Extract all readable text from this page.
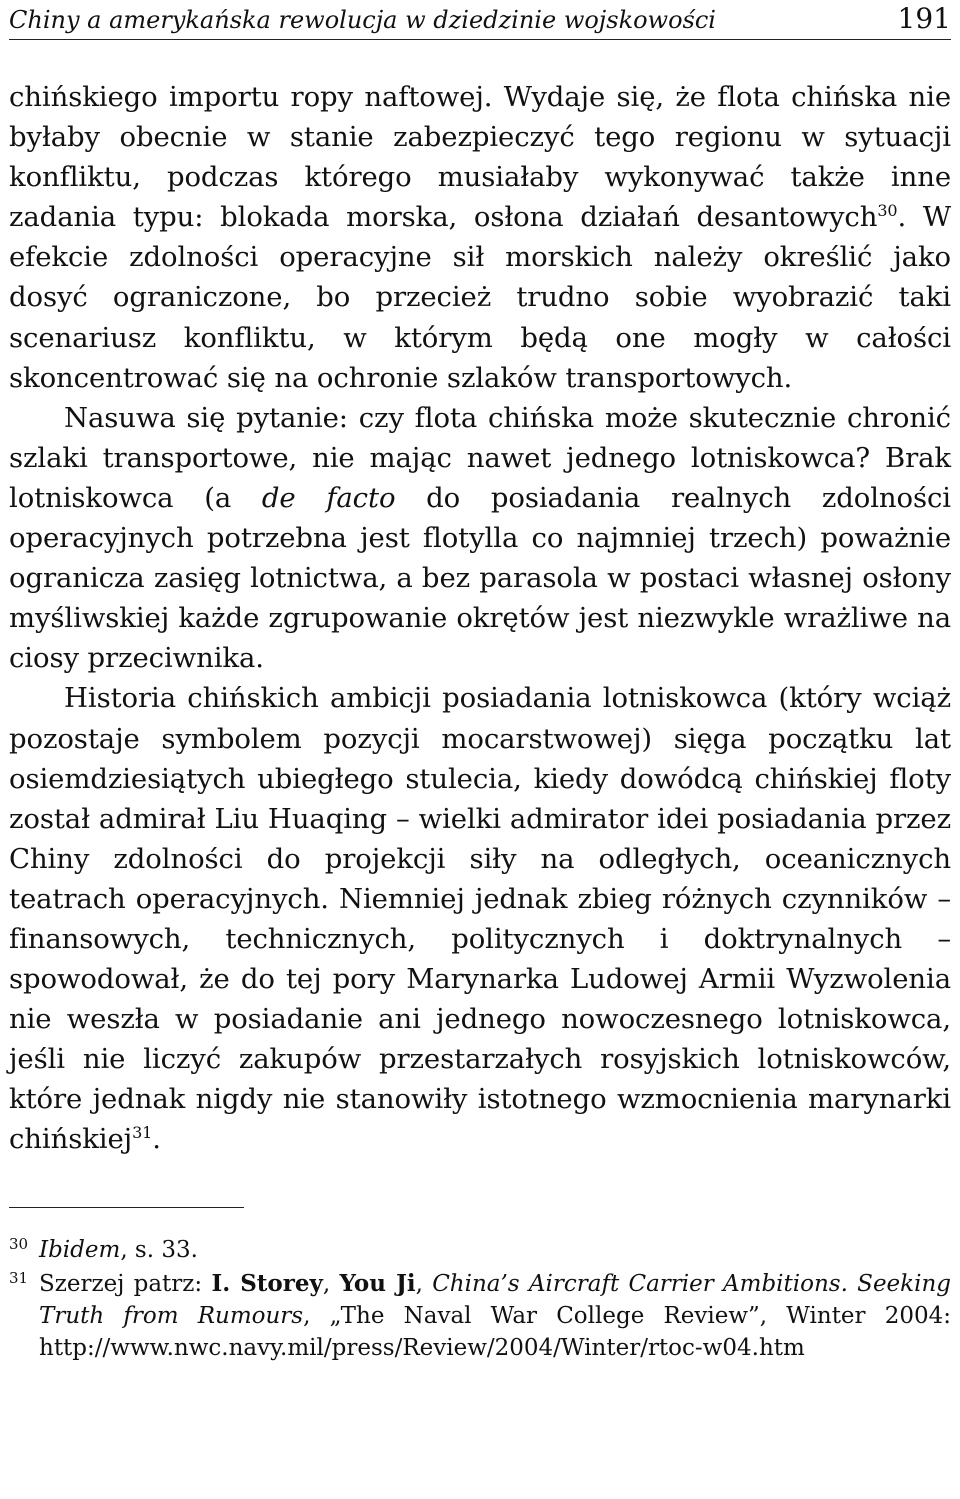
Chiny a amerykańska rewolucja w dziedzinie wojskowości	191

chińskiego importu ropy naftowej. Wydaje się, że flota chińska nie byłaby obecnie w stanie zabezpieczyć tego regionu w sytuacji konfliktu, podczas którego musiałaby wykonywać także inne zadania typu: blokada morska, osłona działań desantowych$^{30}$. W efekcie zdolności operacyjne sił morskich należy określić jako dosyć ograniczone, bo przecież trudno sobie wyobrazić taki scenariusz konfliktu, w którym będą one mogły w całości skoncentrować się na ochronie szlaków transportowych.

Nasuwa się pytanie: czy flota chińska może skutecznie chronić szlaki transportowe, nie mając nawet jednego lotniskowca? Brak lotniskowca (a de facto do posiadania realnych zdolności operacyjnych potrzebna jest flotylla co najmniej trzech) poważnie ogranicza zasięg lotnictwa, a bez parasola w postaci własnej osłony myśliwskiej każde zgrupowanie okrętów jest niezwykle wrażliwe na ciosy przeciwnika.

Historia chińskich ambicji posiadania lotniskowca (który wciąż pozostaje symbolem pozycji mocarstwowej) sięga początku lat osiemdziesiątych ubiegłego stulecia, kiedy dowódcą chińskiej floty został admirał Liu Huaqing – wielki admirator idei posiadania przez Chiny zdolności do projekcji siły na odległych, oceanicznych teatrach operacyjnych. Niemniej jednak zbieg różnych czynników – finansowych, technicznych, politycznych i doktrynalnych – spowodował, że do tej pory Marynarka Ludowej Armii Wyzwolenia nie weszła w posiadanie ani jednego nowoczesnego lotniskowca, jeśli nie liczyć zakupów przestarzałych rosyjskich lotniskowców, które jednak nigdy nie stanowiły istotnego wzmocnienia marynarki chińskiej$^{31}$.

30 Ibidem, s. 33.
31 Szerzej patrz: I. Storey, You Ji, China’s Aircraft Carrier Ambitions. Seeking Truth from Rumours, „The Naval War College Review”, Winter 2004: http://www.nwc.navy.mil/press/Review/2004/Winter/rtoc-w04.htm
